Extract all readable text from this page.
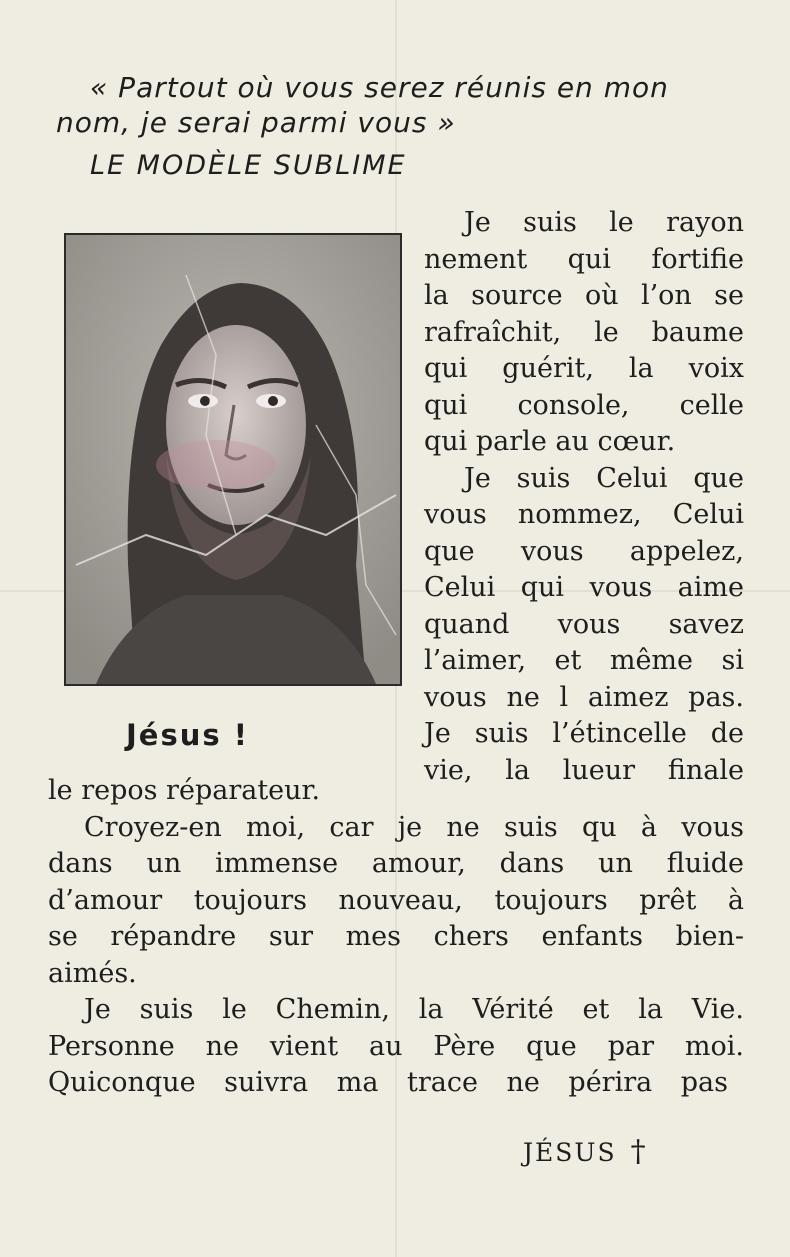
« Partout où vous serez réunis en mon
nom, je serai parmi vous »

LE MODÈLE SUBLIME

Jésus !

Je suis le rayon
nement qui fortifie
la source où l’on se
rafraîchit, le baume
qui guérit, la voix
qui console, celle
qui parle au cœur.
Je suis Celui que
vous nommez, Celui
que vous appelez,
Celui qui vous aime
quand vous savez
l’aimer, et même si
vous ne l aimez pas.
Je suis l’étincelle de
vie, la lueur finale

le repos réparateur.
Croyez-en moi, car je ne suis qu à vous
dans un immense amour, dans un fluide
d’amour toujours nouveau, toujours prêt à
se répandre sur mes chers enfants bien-
aimés.
Je suis le Chemin, la Vérité et la Vie.
Personne ne vient au Père que par moi.
Quiconque suivra ma trace ne périra pas

JÉSUS †
